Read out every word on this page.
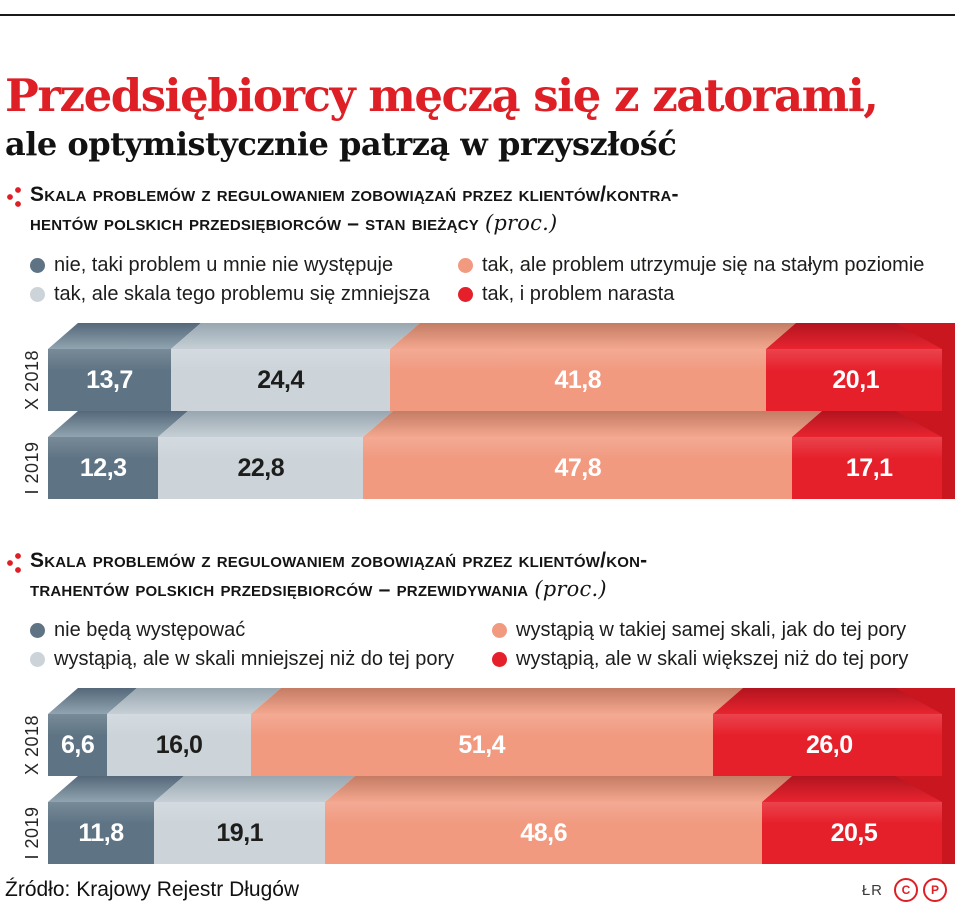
Przedsiębiorcy męczą się z zatorami,
ale optymistycznie patrzą w przyszłość
Skala problemów z regulowaniem zobowiązań przez klientów/kontra-
hentów polskich przedsiębiorców – stan bieżący (proc.)
nie, taki problem u mnie nie występuje
tak, ale skala tego problemu się zmniejsza
tak, ale problem utrzymuje się na stałym poziomie
tak, i problem narasta
13,7	24,4	41,8	20,1
X 2018
12,3	22,8	47,8	17,1
I 2019
Skala problemów z regulowaniem zobowiązań przez klientów/kon-
trahentów polskich przedsiębiorców – przewidywania (proc.)
nie będą występować
wystąpią, ale w skali mniejszej niż do tej pory
wystąpią w takiej samej skali, jak do tej pory
wystąpią, ale w skali większej niż do tej pory
6,6 16,0	51,4	26,0
X 2018
11,8	19,1	48,6	20,5
I 2019
Źródło: Krajowy Rejestr Długów	ŁR	C	P
